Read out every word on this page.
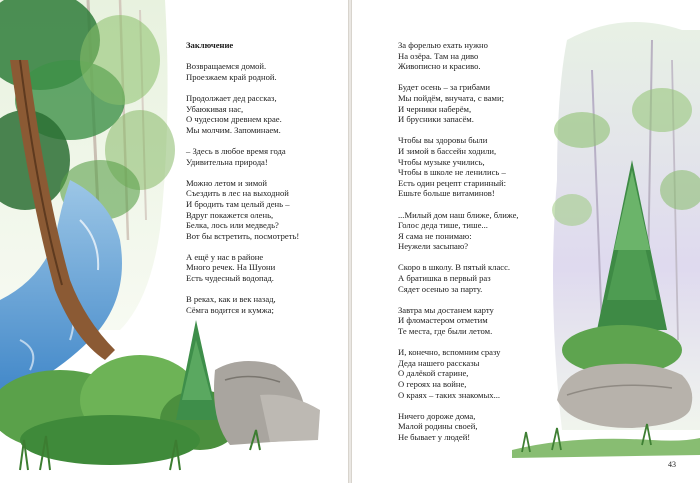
Заключение
Возвращаемся домой.
Проезжаем край родной.
Продолжает дед рассказ,
Убаюкивая нас,
О чудесном древнем крае.
Мы молчим. Запоминаем.
– Здесь в любое время года
Удивительна природа!
Можно летом и зимой
Съездить в лес на выходной
И бродить там целый день –
Вдруг покажется олень,
Белка, лось или медведь?
Вот бы встретить, посмотреть!
А ещё у нас в районе
Много речек. На Шуони
Есть чудесный водопад.
В реках, как и век назад,
Сёмга водится и кумжа;
За форелью ехать нужно
На озёра. Там на диво
Живописно и красиво.
Будет осень – за грибами
Мы пойдём, внучата, с вами;
И черники наберём,
И брусники запасём.
Чтобы вы здоровы были
И зимой в бассейн ходили,
Чтобы музыке учились,
Чтобы в школе не ленились –
Есть один рецепт старинный:
Ешьте больше витаминов!
...Милый дом наш ближе, ближе,
Голос деда тише, тише...
Я сама не понимаю:
Неужели засыпаю?
Скоро в школу. В пятый класс.
А братишка в первый раз
Сядет осенью за парту.
Завтра мы достанем карту
И фломастером отметим
Те места, где были летом.
И, конечно, вспомним сразу
Деда нашего рассказы
О далёкой старине,
О героях на войне,
О краях – таких знакомых...
Ничего дороже дома,
Малой родины своей,
Не бывает у людей!
43
